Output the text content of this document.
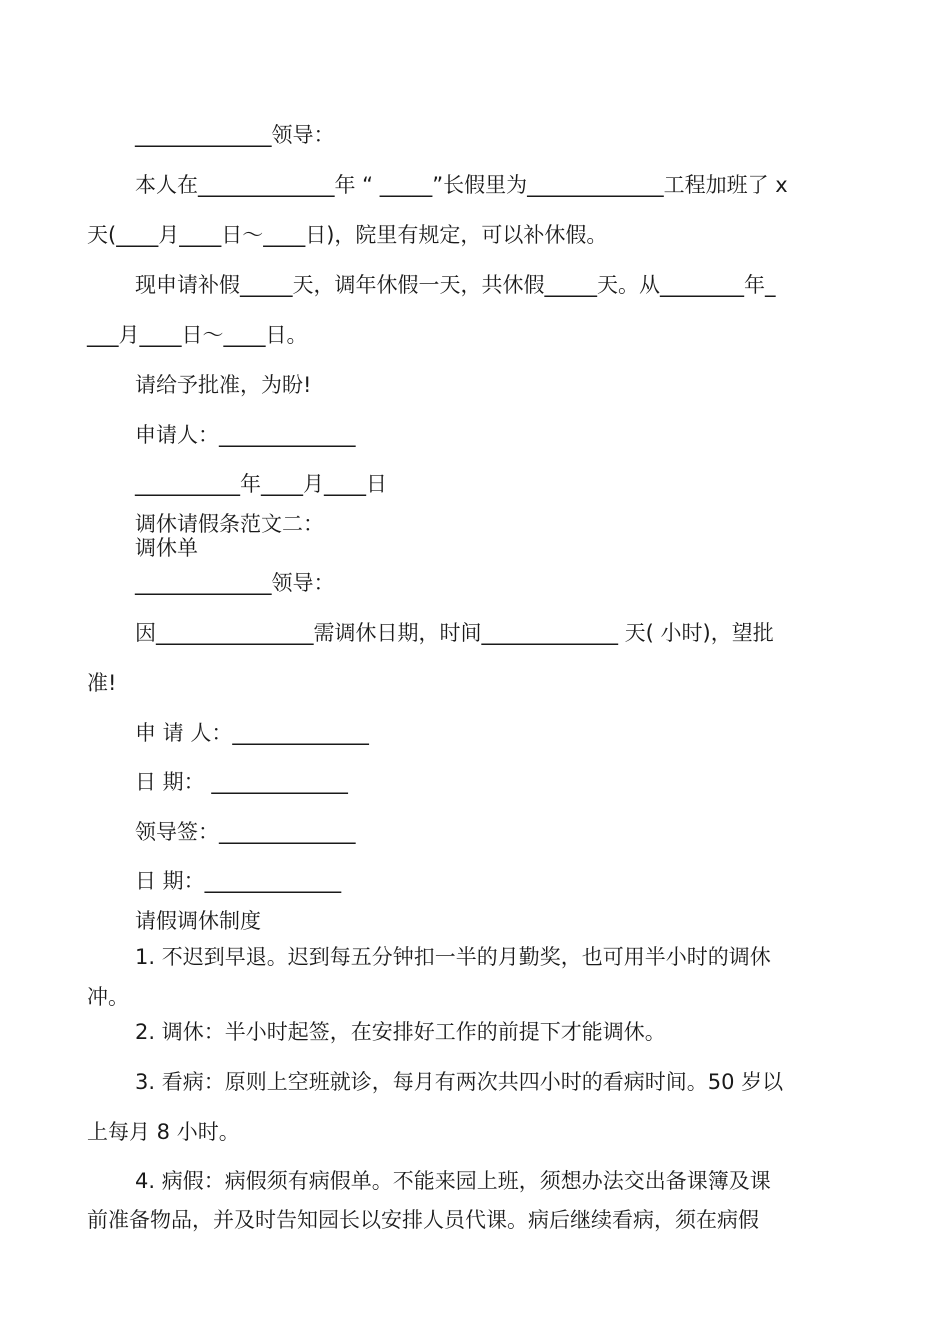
_____________领导：
本人在_____________年 “ _____”长假里为_____________工程加班了 x
天(____月____日～____日)，院里有规定，可以补休假。
现申请补假_____天，调年休假一天，共休假_____天。从________年_
___月____日～____日。
请给予批准，为盼!
申请人：_____________
__________年____月____日
调休请假条范文二：
调休单
_____________领导：
因_______________需调休日期，时间_____________ 天( 小时)，望批
准!
申 请 人：_____________
日 期： _____________
领导签：_____________
日 期：_____________
请假调休制度
1. 不迟到早退。迟到每五分钟扣一半的月勤奖，也可用半小时的调休
冲。
2. 调休：半小时起签，在安排好工作的前提下才能调休。
3. 看病：原则上空班就诊，每月有两次共四小时的看病时间。50 岁以
上每月 8 小时。
4. 病假：病假须有病假单。不能来园上班，须想办法交出备课簿及课
前准备物品，并及时告知园长以安排人员代课。病后继续看病，须在病假
